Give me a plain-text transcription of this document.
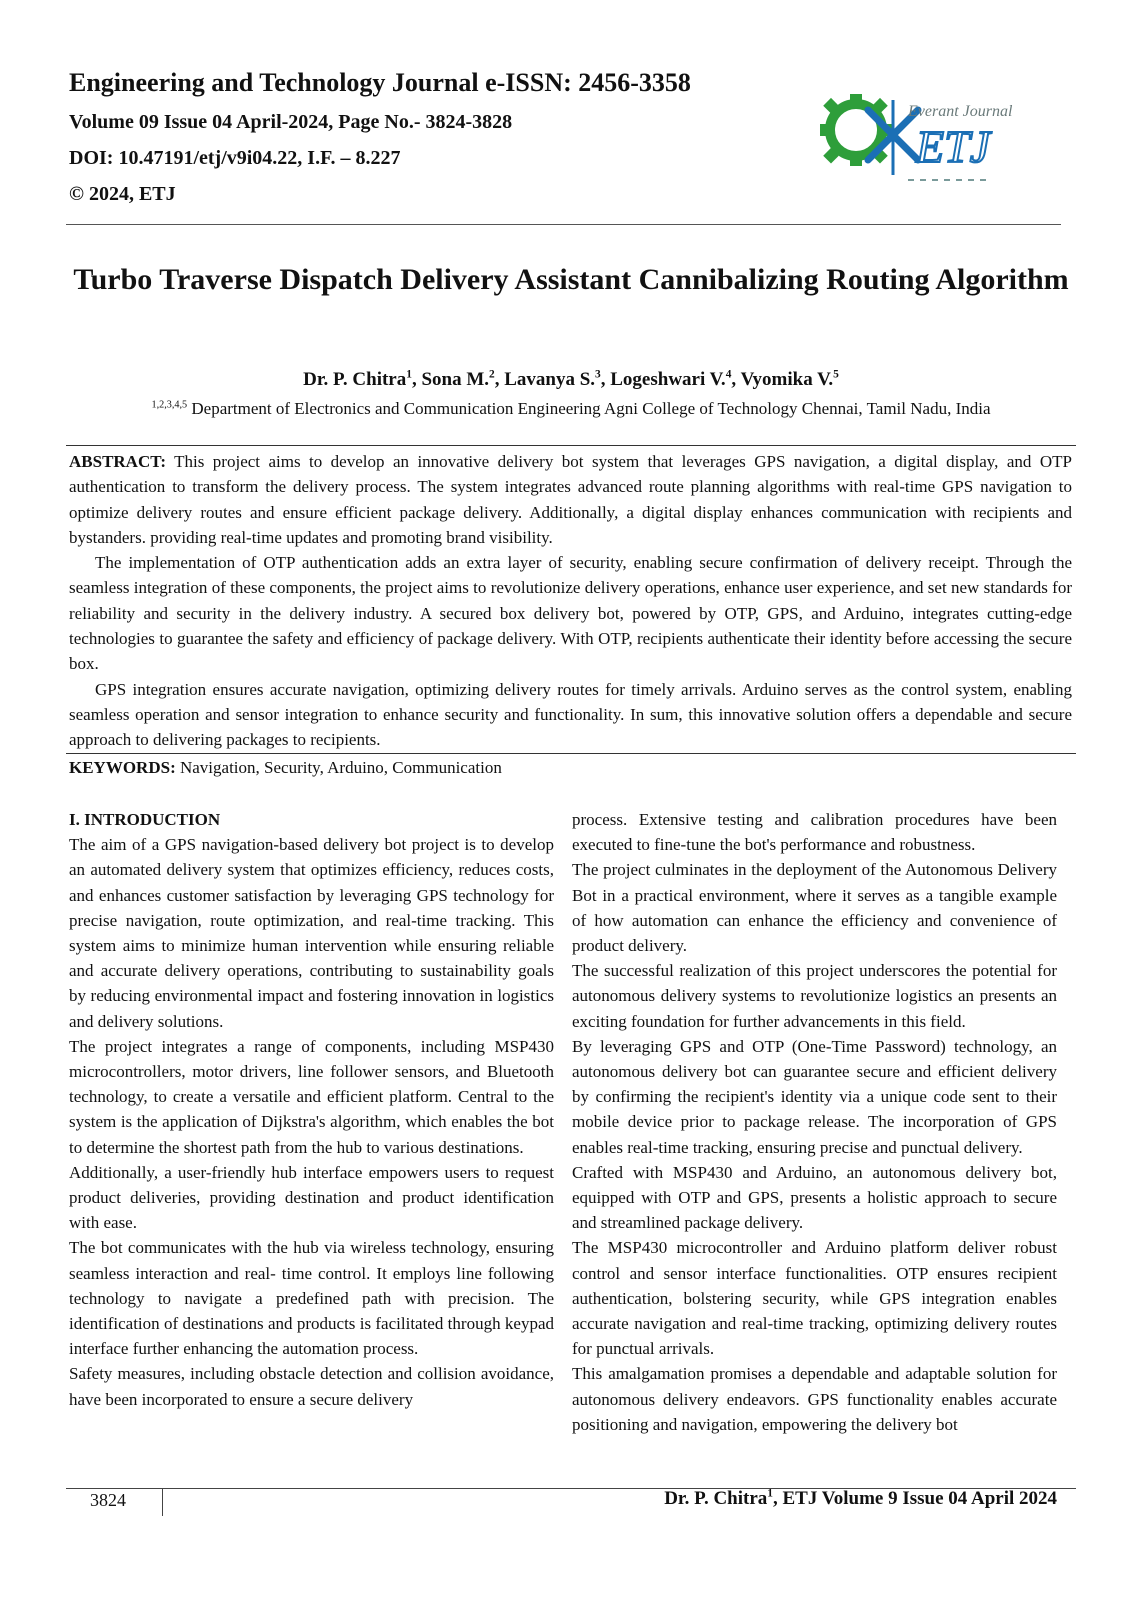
Engineering and Technology Journal e-ISSN: 2456-3358

Volume 09 Issue 04 April-2024, Page No.- 3824-3828

DOI: 10.47191/etj/v9i04.22, I.F. – 8.227

© 2024, ETJ

Everant Journal
ETJ
Turbo Traverse Dispatch Delivery Assistant Cannibalizing Routing Algorithm
Dr. P. Chitra$^1$, Sona M.$^2$, Lavanya S.$^3$, Logeshwari V.$^4$, Vyomika V.$^5$
$^{1,2,3,4,5}$ Department of Electronics and Communication Engineering Agni College of Technology Chennai, Tamil Nadu, India

ABSTRACT: This project aims to develop an innovative delivery bot system that leverages GPS navigation, a digital display, and OTP authentication to transform the delivery process. The system integrates advanced route planning algorithms with real-time GPS navigation to optimize delivery routes and ensure efficient package delivery. Additionally, a digital display enhances communication with recipients and bystanders. providing real-time updates and promoting brand visibility.

The implementation of OTP authentication adds an extra layer of security, enabling secure confirmation of delivery receipt. Through the seamless integration of these components, the project aims to revolutionize delivery operations, enhance user experience, and set new standards for reliability and security in the delivery industry. A secured box delivery bot, powered by OTP, GPS, and Arduino, integrates cutting-edge technologies to guarantee the safety and efficiency of package delivery. With OTP, recipients authenticate their identity before accessing the secure box.

GPS integration ensures accurate navigation, optimizing delivery routes for timely arrivals. Arduino serves as the control system, enabling seamless operation and sensor integration to enhance security and functionality. In sum, this innovative solution offers a dependable and secure approach to delivering packages to recipients.

KEYWORDS: Navigation, Security, Arduino, Communication

I. INTRODUCTION

The aim of a GPS navigation-based delivery bot project is to develop an automated delivery system that optimizes efficiency, reduces costs, and enhances customer satisfaction by leveraging GPS technology for precise navigation, route optimization, and real-time tracking. This system aims to minimize human intervention while ensuring reliable and accurate delivery operations, contributing to sustainability goals by reducing environmental impact and fostering innovation in logistics and delivery solutions.

The project integrates a range of components, including MSP430 microcontrollers, motor drivers, line follower sensors, and Bluetooth technology, to create a versatile and efficient platform. Central to the system is the application of Dijkstra's algorithm, which enables the bot to determine the shortest path from the hub to various destinations.

Additionally, a user-friendly hub interface empowers users to request product deliveries, providing destination and product identification with ease.

The bot communicates with the hub via wireless technology, ensuring seamless interaction and real- time control. It employs line following technology to navigate a predefined path with precision. The identification of destinations and products is facilitated through keypad interface further enhancing the automation process.

Safety measures, including obstacle detection and collision avoidance, have been incorporated to ensure a secure delivery

process. Extensive testing and calibration procedures have been executed to fine-tune the bot's performance and robustness.

The project culminates in the deployment of the Autonomous Delivery Bot in a practical environment, where it serves as a tangible example of how automation can enhance the efficiency and convenience of product delivery.

The successful realization of this project underscores the potential for autonomous delivery systems to revolutionize logistics an presents an exciting foundation for further advancements in this field.

By leveraging GPS and OTP (One-Time Password) technology, an autonomous delivery bot can guarantee secure and efficient delivery by confirming the recipient's identity via a unique code sent to their mobile device prior to package release. The incorporation of GPS enables real-time tracking, ensuring precise and punctual delivery.

Crafted with MSP430 and Arduino, an autonomous delivery bot, equipped with OTP and GPS, presents a holistic approach to secure and streamlined package delivery.

The MSP430 microcontroller and Arduino platform deliver robust control and sensor interface functionalities. OTP ensures recipient authentication, bolstering security, while GPS integration enables accurate navigation and real-time tracking, optimizing delivery routes for punctual arrivals.

This amalgamation promises a dependable and adaptable solution for autonomous delivery endeavors. GPS functionality enables accurate positioning and navigation, empowering the delivery bot

3824	Dr. P. Chitra$^1$, ETJ Volume 9 Issue 04 April 2024
